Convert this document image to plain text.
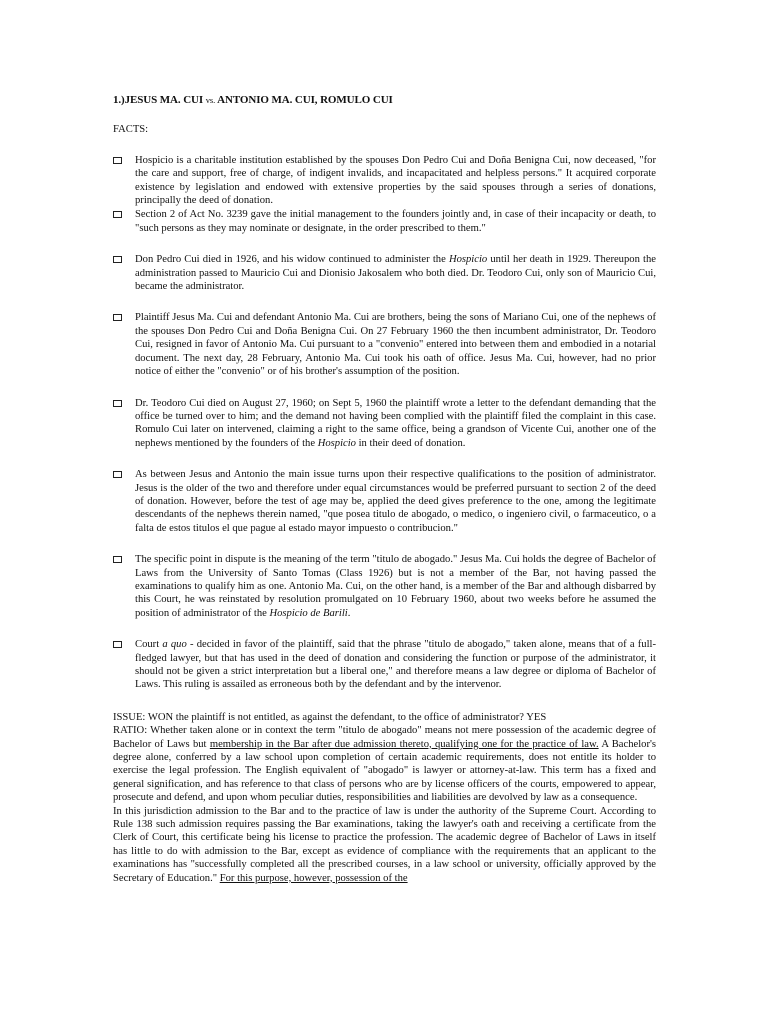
1.)JESUS MA. CUI vs. ANTONIO MA. CUI, ROMULO CUI
FACTS:
Hospicio is a charitable institution established by the spouses Don Pedro Cui and Doña Benigna Cui, now deceased, "for the care and support, free of charge, of indigent invalids, and incapacitated and helpless persons." It acquired corporate existence by legislation and endowed with extensive properties by the said spouses through a series of donations, principally the deed of donation.
Section 2 of Act No. 3239 gave the initial management to the founders jointly and, in case of their incapacity or death, to "such persons as they may nominate or designate, in the order prescribed to them."
Don Pedro Cui died in 1926, and his widow continued to administer the Hospicio until her death in 1929. Thereupon the administration passed to Mauricio Cui and Dionisio Jakosalem who both died. Dr. Teodoro Cui, only son of Mauricio Cui, became the administrator.
Plaintiff Jesus Ma. Cui and defendant Antonio Ma. Cui are brothers, being the sons of Mariano Cui, one of the nephews of the spouses Don Pedro Cui and Doña Benigna Cui. On 27 February 1960 the then incumbent administrator, Dr. Teodoro Cui, resigned in favor of Antonio Ma. Cui pursuant to a "convenio" entered into between them and embodied in a notarial document. The next day, 28 February, Antonio Ma. Cui took his oath of office. Jesus Ma. Cui, however, had no prior notice of either the "convenio" or of his brother's assumption of the position.
Dr. Teodoro Cui died on August 27, 1960; on Sept 5, 1960 the plaintiff wrote a letter to the defendant demanding that the office be turned over to him; and the demand not having been complied with the plaintiff filed the complaint in this case. Romulo Cui later on intervened, claiming a right to the same office, being a grandson of Vicente Cui, another one of the nephews mentioned by the founders of the Hospicio in their deed of donation.
As between Jesus and Antonio the main issue turns upon their respective qualifications to the position of administrator. Jesus is the older of the two and therefore under equal circumstances would be preferred pursuant to section 2 of the deed of donation. However, before the test of age may be, applied the deed gives preference to the one, among the legitimate descendants of the nephews therein named, "que posea titulo de abogado, o medico, o ingeniero civil, o farmaceutico, o a falta de estos titulos el que pague al estado mayor impuesto o contribucion."
The specific point in dispute is the meaning of the term "titulo de abogado." Jesus Ma. Cui holds the degree of Bachelor of Laws from the University of Santo Tomas (Class 1926) but is not a member of the Bar, not having passed the examinations to qualify him as one. Antonio Ma. Cui, on the other hand, is a member of the Bar and although disbarred by this Court, he was reinstated by resolution promulgated on 10 February 1960, about two weeks before he assumed the position of administrator of the Hospicio de Barili.
Court a quo - decided in favor of the plaintiff, said that the phrase "titulo de abogado," taken alone, means that of a full-fledged lawyer, but that has used in the deed of donation and considering the function or purpose of the administrator, it should not be given a strict interpretation but a liberal one," and therefore means a law degree or diploma of Bachelor of Laws. This ruling is assailed as erroneous both by the defendant and by the intervenor.
ISSUE: WON the plaintiff is not entitled, as against the defendant, to the office of administrator? YES

RATIO: Whether taken alone or in context the term "titulo de abogado" means not mere possession of the academic degree of Bachelor of Laws but membership in the Bar after due admission thereto, qualifying one for the practice of law. A Bachelor's degree alone, conferred by a law school upon completion of certain academic requirements, does not entitle its holder to exercise the legal profession. The English equivalent of "abogado" is lawyer or attorney-at-law. This term has a fixed and general signification, and has reference to that class of persons who are by license officers of the courts, empowered to appear, prosecute and defend, and upon whom peculiar duties, responsibilities and liabilities are devolved by law as a consequence.

In this jurisdiction admission to the Bar and to the practice of law is under the authority of the Supreme Court. According to Rule 138 such admission requires passing the Bar examinations, taking the lawyer's oath and receiving a certificate from the Clerk of Court, this certificate being his license to practice the profession. The academic degree of Bachelor of Laws in itself has little to do with admission to the Bar, except as evidence of compliance with the requirements that an applicant to the examinations has "successfully completed all the prescribed courses, in a law school or university, officially approved by the Secretary of Education." For this purpose, however, possession of the
